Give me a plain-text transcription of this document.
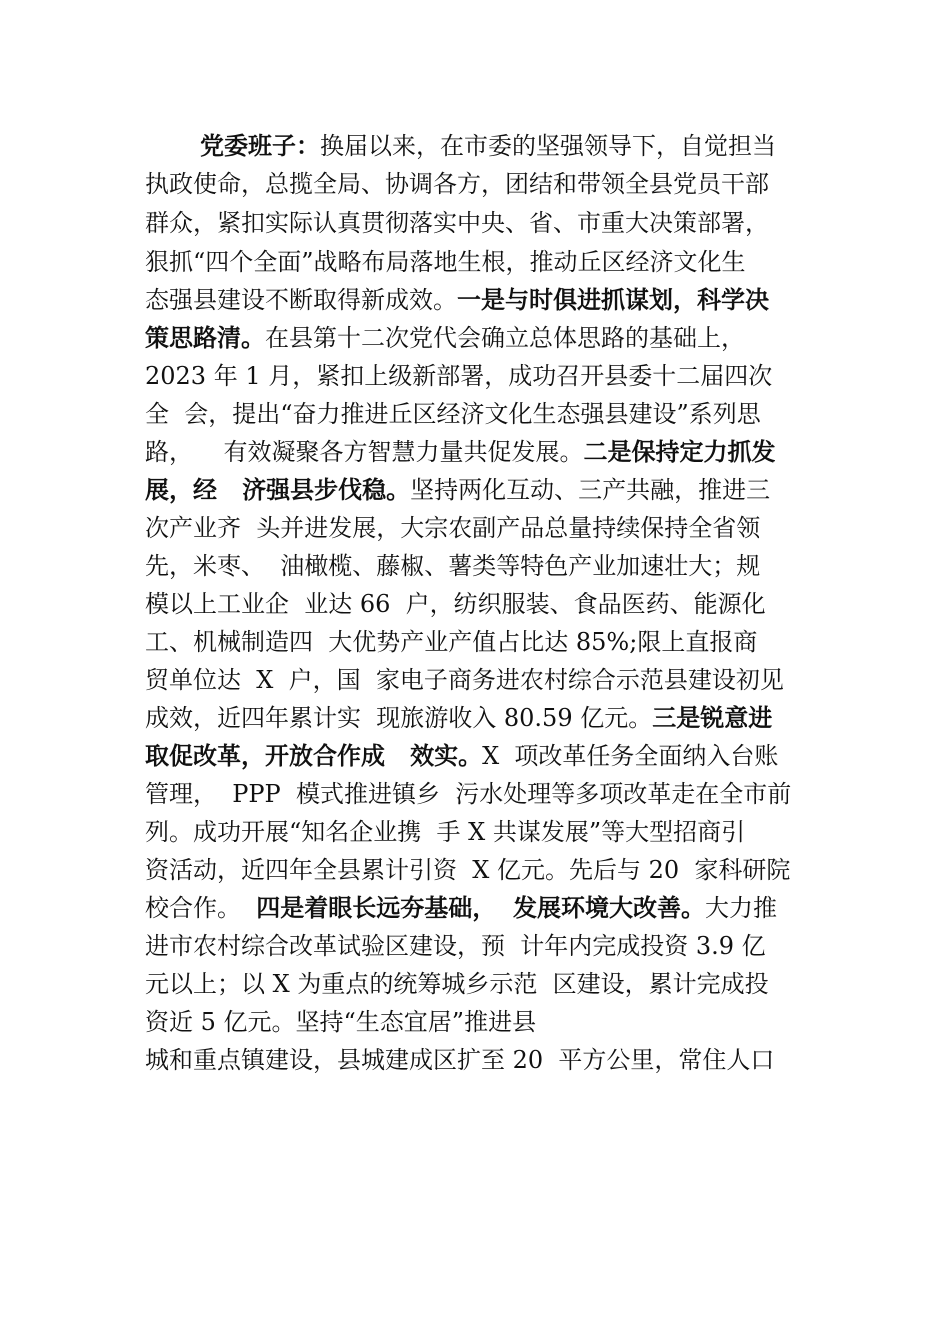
党委班子：换届以来，在市委的坚强领导下，自觉担当
执政使命，总揽全局、协调各方，团结和带领全县党员干部
群众，紧扣实际认真贯彻落实中央、省、市重大决策部署，
狠抓“四个全面”战略布局落地生根，推动丘区经济文化生
态强县建设不断取得新成效。一是与时俱进抓谋划，科学决
策思路清。在县第十二次党代会确立总体思路的基础上，
2023 年 1 月，紧扣上级新部署，成功召开县委十二届四次
全  会，提出“奋力推进丘区经济文化生态强县建设”系列思
路，    有效凝聚各方智慧力量共促发展。二是保持定力抓发
展，经   济强县步伐稳。坚持两化互动、三产共融，推进三
次产业齐  头并进发展，大宗农副产品总量持续保持全省领
先，米枣、  油橄榄、藤椒、薯类等特色产业加速壮大；规
模以上工业企  业达 66  户，纺织服装、食品医药、能源化
工、机械制造四  大优势产业产值占比达 85%;限上直报商
贸单位达  X  户，国  家电子商务进农村综合示范县建设初见
成效，近四年累计实  现旅游收入 80.59 亿元。三是锐意进
取促改革，开放合作成   效实。X  项改革任务全面纳入台账
管理，  PPP  模式推进镇乡  污水处理等多项改革走在全市前
列。成功开展“知名企业携  手 X 共谋发展”等大型招商引
资活动，近四年全县累计引资  X 亿元。先后与 20  家科研院
校合作。  四是着眼长远夯基础，  发展环境大改善。大力推
进市农村综合改革试验区建设，预  计年内完成投资 3.9 亿
元以上；以 X 为重点的统筹城乡示范  区建设，累计完成投
资近 5 亿元。坚持“生态宜居”推进县
城和重点镇建设，县城建成区扩至 20  平方公里，常住人口
